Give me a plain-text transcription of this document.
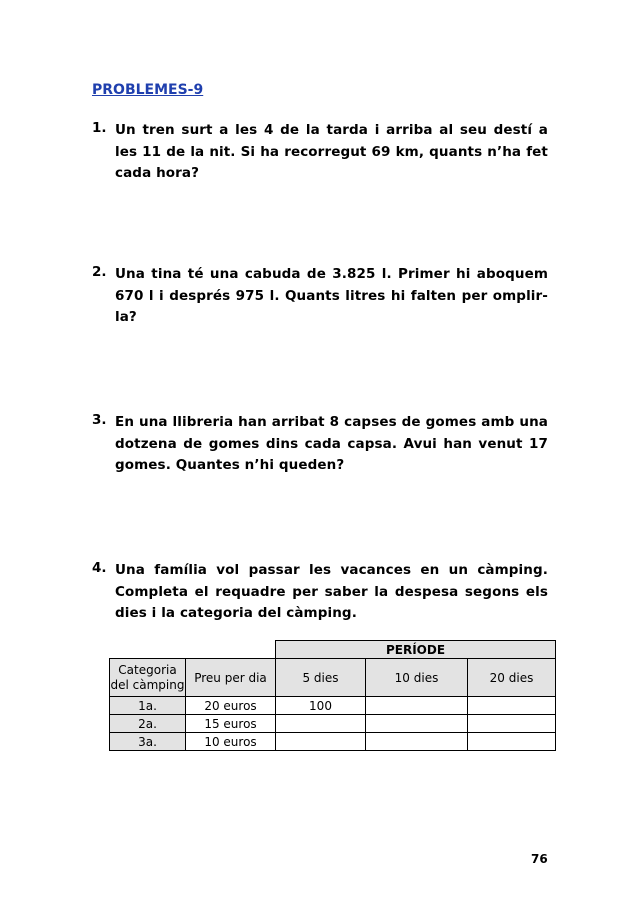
PROBLEMES-9
1. Un tren surt a les 4 de la tarda i arriba al seu destí a les 11 de la nit. Si ha recorregut 69 km, quants n’ha fet cada hora?
2. Una tina té una cabuda de 3.825 l. Primer hi aboquem 670 l i després 975 l. Quants litres hi falten per omplir-la?
3. En una llibreria han arribat 8 capses de gomes amb una dotzena de gomes dins cada capsa. Avui han venut 17 gomes. Quantes n’hi queden?
4. Una família vol passar les vacances en un càmping. Completa el requadre per saber la despesa segons els dies i la categoria del càmping.
		PERÍODE		
Categoria
del càmping	Preu per dia	5 dies	10 dies	20 dies
1a.	20 euros	100		
2a.	15 euros			
3a.	10 euros			
76
